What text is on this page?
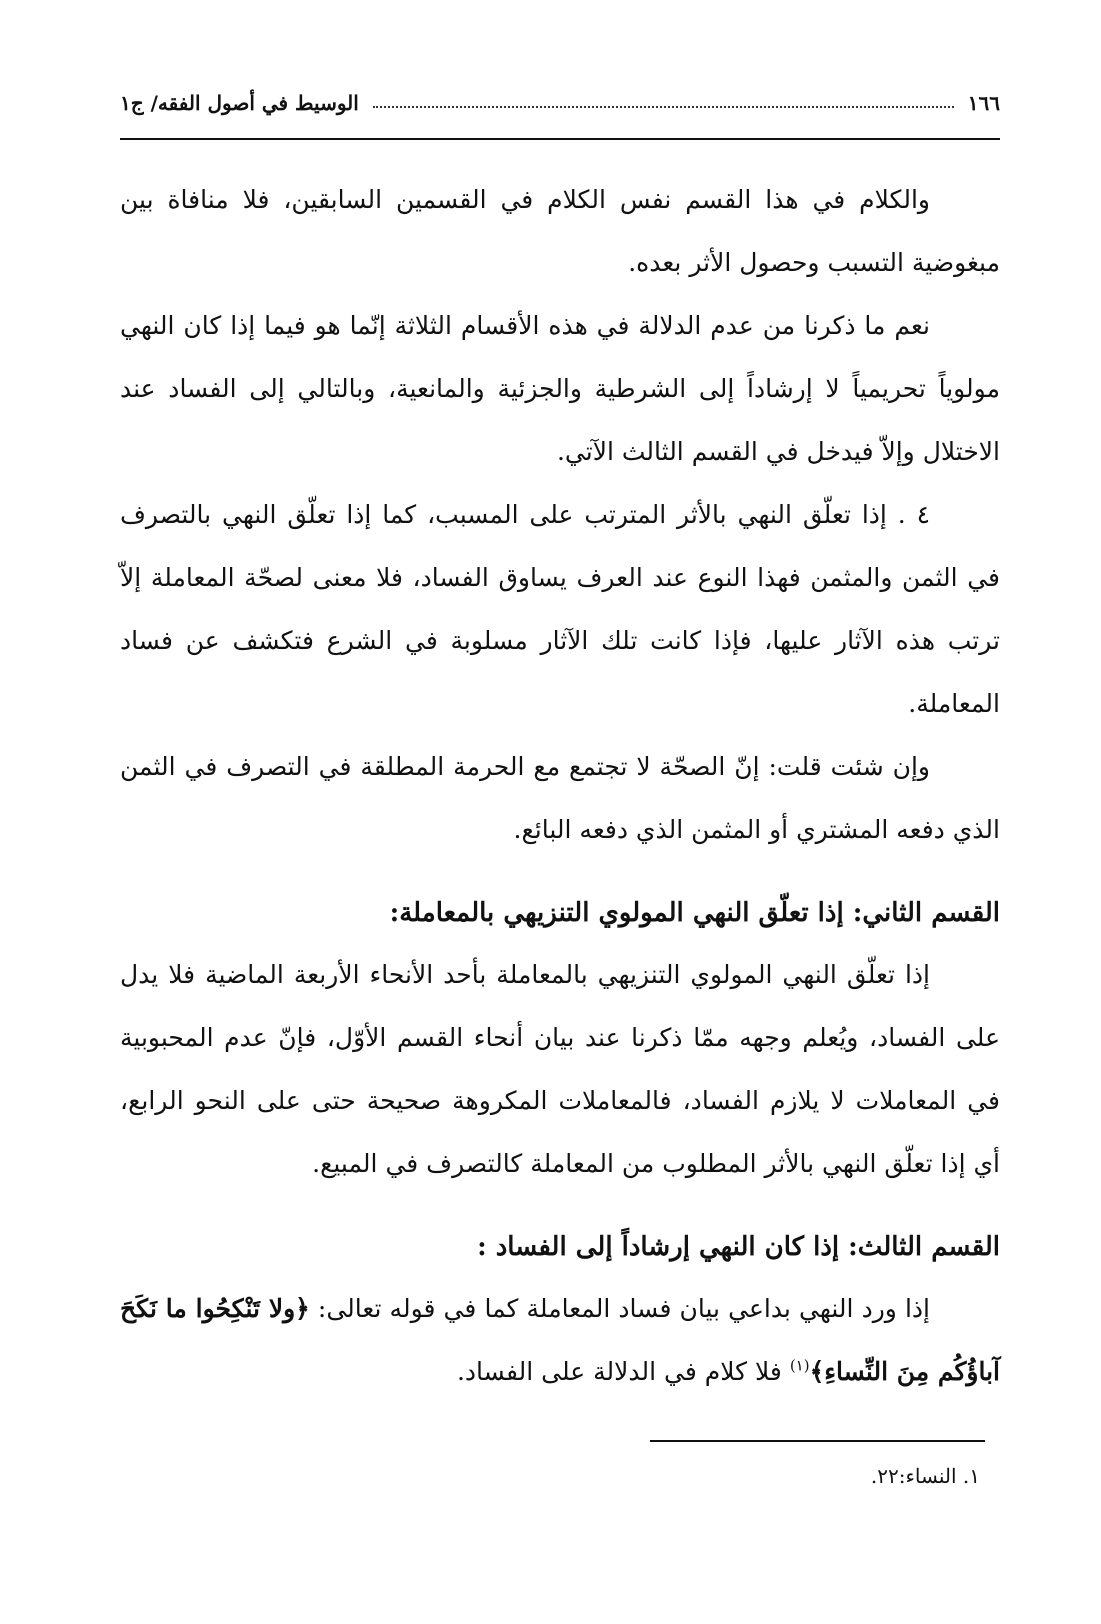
١٦٦
الوسيط في أصول الفقه/ ج١

والكلام في هذا القسم نفس الكلام في القسمين السابقين، فلا منافاة بين مبغوضية التسبب وحصول الأثر بعده.

نعم ما ذكرنا من عدم الدلالة في هذه الأقسام الثلاثة إنّما هو فيما إذا كان النهي مولوياً تحريمياً لا إرشاداً إلى الشرطية والجزئية والمانعية، وبالتالي إلى الفساد عند الاختلال وإلاّ فيدخل في القسم الثالث الآتي.

٤ . إذا تعلّق النهي بالأثر المترتب على المسبب، كما إذا تعلّق النهي بالتصرف في الثمن والمثمن فهذا النوع عند العرف يساوق الفساد، فلا معنى لصحّة المعاملة إلاّ ترتب هذه الآثار عليها، فإذا كانت تلك الآثار مسلوبة في الشرع فتكشف عن فساد المعاملة.

وإن شئت قلت: إنّ الصحّة لا تجتمع مع الحرمة المطلقة في التصرف في الثمن الذي دفعه المشتري أو المثمن الذي دفعه البائع.

القسم الثاني: إذا تعلّق النهي المولوي التنزيهي بالمعاملة:

إذا تعلّق النهي المولوي التنزيهي بالمعاملة بأحد الأنحاء الأربعة الماضية فلا يدل على الفساد، ويُعلم وجهه ممّا ذكرنا عند بيان أنحاء القسم الأوّل، فإنّ عدم المحبوبية في المعاملات لا يلازم الفساد، فالمعاملات المكروهة صحيحة حتى على النحو الرابع، أي إذا تعلّق النهي بالأثر المطلوب من المعاملة كالتصرف في المبيع.

القسم الثالث: إذا كان النهي إرشاداً إلى الفساد :

إذا ورد النهي بداعي بيان فساد المعاملة كما في قوله تعالى: ﴿ولا تَنْكِحُوا ما نَكَحَ آباؤُكُم مِنَ النِّساءِ﴾$^{(١)}$ فلا كلام في الدلالة على الفساد.

١. النساء:٢٢.
